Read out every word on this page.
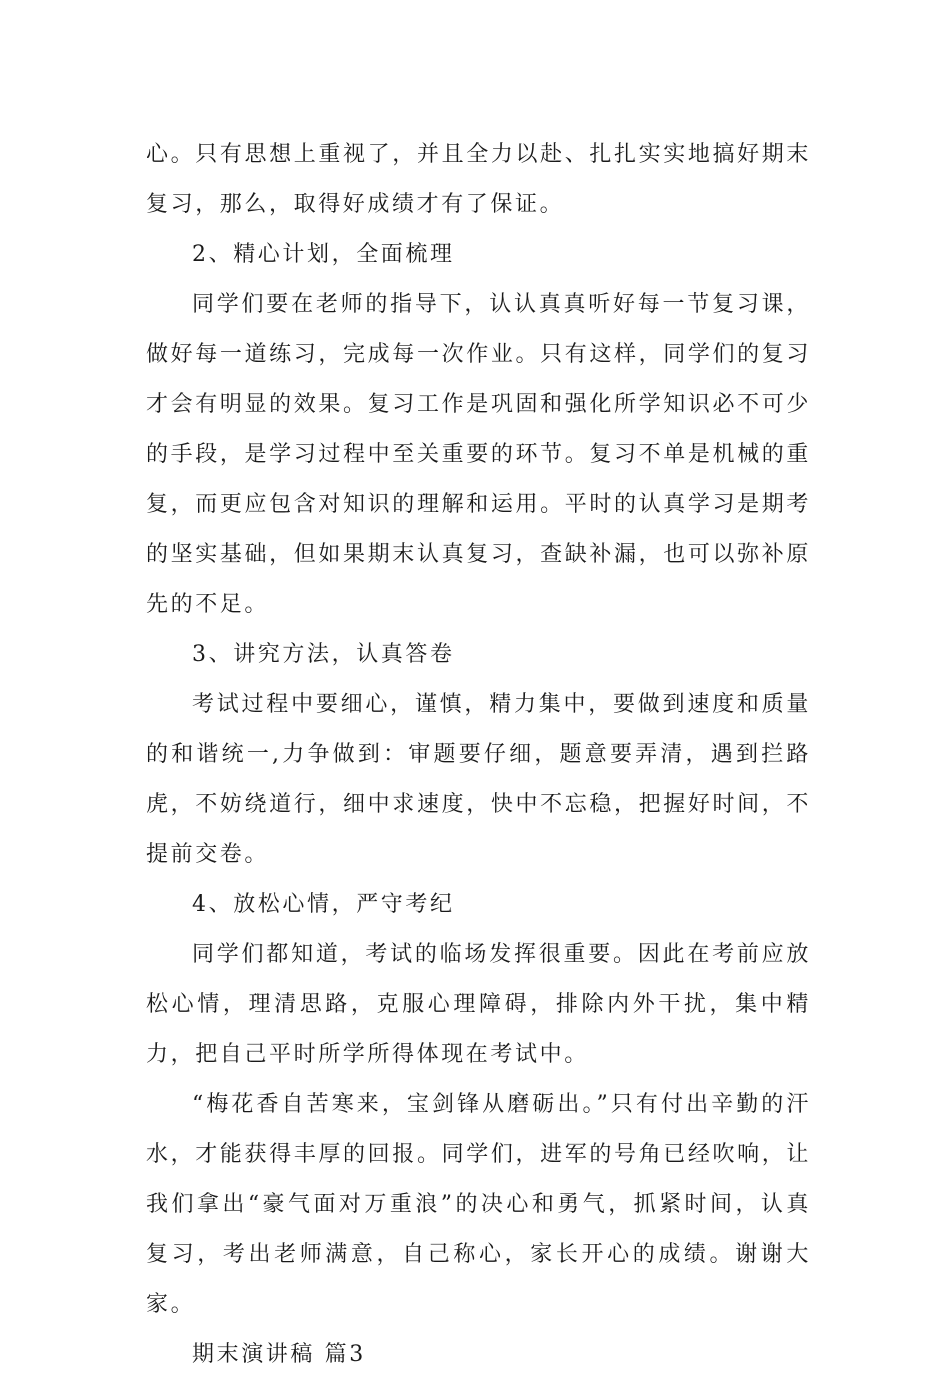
心。只有思想上重视了，并且全力以赴、扎扎实实地搞好期末复习，那么，取得好成绩才有了保证。

2、精心计划，全面梳理

同学们要在老师的指导下，认认真真听好每一节复习课，做好每一道练习，完成每一次作业。只有这样，同学们的复习才会有明显的效果。复习工作是巩固和强化所学知识必不可少的手段，是学习过程中至关重要的环节。复习不单是机械的重复，而更应包含对知识的理解和运用。平时的认真学习是期考的坚实基础，但如果期末认真复习，查缺补漏，也可以弥补原先的不足。

3、讲究方法，认真答卷

考试过程中要细心，谨慎，精力集中，要做到速度和质量的和谐统一,力争做到：审题要仔细，题意要弄清，遇到拦路虎，不妨绕道行，细中求速度，快中不忘稳，把握好时间，不提前交卷。

4、放松心情，严守考纪

同学们都知道，考试的临场发挥很重要。因此在考前应放松心情，理清思路，克服心理障碍，排除内外干扰，集中精力，把自己平时所学所得体现在考试中。

“梅花香自苦寒来，宝剑锋从磨砺出。”只有付出辛勤的汗水，才能获得丰厚的回报。同学们，进军的号角已经吹响，让我们拿出“豪气面对万重浪”的决心和勇气，抓紧时间，认真复习，考出老师满意，自己称心，家长开心的成绩。谢谢大家。

期末演讲稿 篇3
